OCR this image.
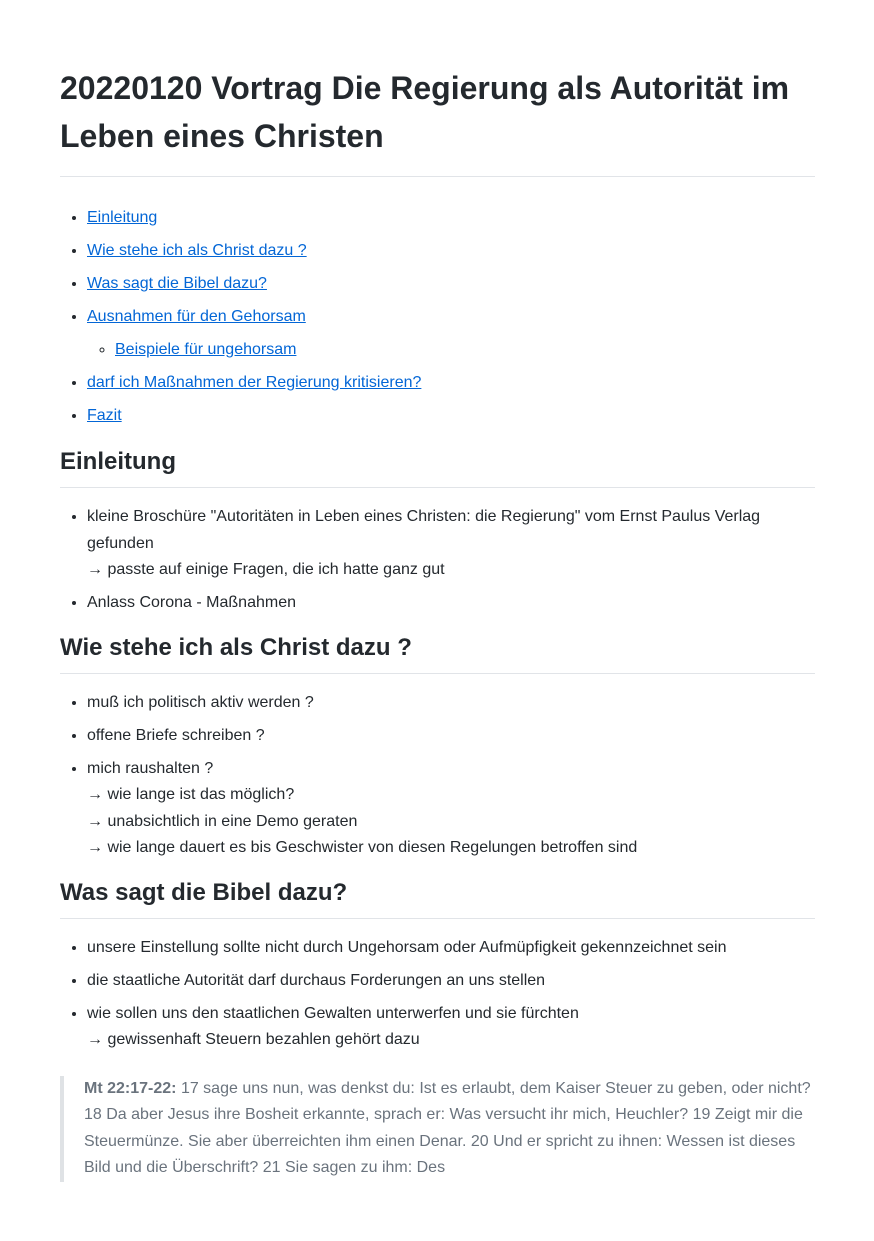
20220120 Vortrag Die Regierung als Autorität im Leben eines Christen
• Einleitung
• Wie stehe ich als Christ dazu ?
• Was sagt die Bibel dazu?
• Ausnahmen für den Gehorsam
◦ Beispiele für ungehorsam
• darf ich Maßnahmen der Regierung kritisieren?
• Fazit
Einleitung
• kleine Broschüre "Autoritäten in Leben eines Christen: die Regierung" vom Ernst Paulus Verlag gefunden
→ passte auf einige Fragen, die ich hatte ganz gut
• Anlass Corona - Maßnahmen
Wie stehe ich als Christ dazu ?
• muß ich politisch aktiv werden ?
• offene Briefe schreiben ?
• mich raushalten ?
→ wie lange ist das möglich?
→ unabsichtlich in eine Demo geraten
→ wie lange dauert es bis Geschwister von diesen Regelungen betroffen sind
Was sagt die Bibel dazu?
• unsere Einstellung sollte nicht durch Ungehorsam oder Aufmüpfigkeit gekennzeichnet sein
• die staatliche Autorität darf durchaus Forderungen an uns stellen
• wie sollen uns den staatlichen Gewalten unterwerfen und sie fürchten
→ gewissenhaft Steuern bezahlen gehört dazu
Mt 22:17-22: 17 sage uns nun, was denkst du: Ist es erlaubt, dem Kaiser Steuer zu geben, oder nicht? 18 Da aber Jesus ihre Bosheit erkannte, sprach er: Was versucht ihr mich, Heuchler? 19 Zeigt mir die Steuermünze. Sie aber überreichten ihm einen Denar. 20 Und er spricht zu ihnen: Wessen ist dieses Bild und die Überschrift? 21 Sie sagen zu ihm: Des
